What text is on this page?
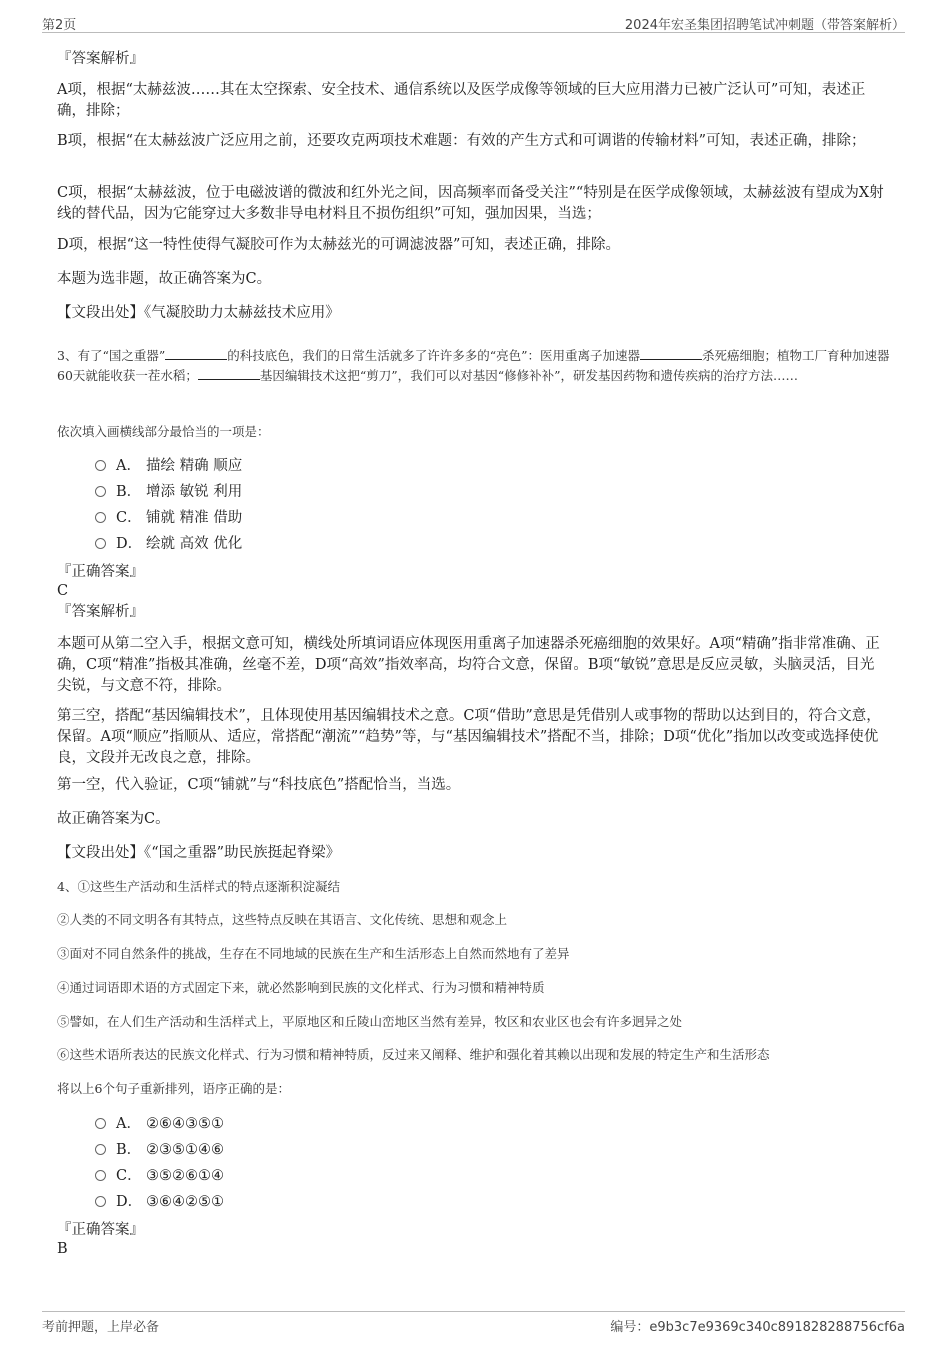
第2页	2024年宏圣集团招聘笔试冲刺题（带答案解析）
『答案解析』
A项，根据“太赫兹波……其在太空探索、安全技术、通信系统以及医学成像等领域的巨大应用潜力已被广泛认可”可知，表述正确，排除；
B项，根据“在太赫兹波广泛应用之前，还要攻克两项技术难题：有效的产生方式和可调谐的传输材料”可知，表述正确，排除；
C项，根据“太赫兹波，位于电磁波谱的微波和红外光之间，因高频率而备受关注”“特别是在医学成像领域，太赫兹波有望成为X射线的替代品，因为它能穿过大多数非导电材料且不损伤组织”可知，强加因果，当选；
D项，根据“这一特性使得气凝胶可作为太赫兹光的可调滤波器”可知，表述正确，排除。
本题为选非题，故正确答案为C。
【文段出处】《气凝胶助力太赫兹技术应用》
3、有了“国之重器”	的科技底色，我们的日常生活就多了许许多多的“亮色”：医用重离子加速器	杀死癌细胞；植物工厂育种加速器60天就能收获一茬水稻；	基因编辑技术这把“剪刀”，我们可以对基因“修修补补”，研发基因药物和遗传疾病的治疗方法……
依次填入画横线部分最恰当的一项是：
A． 描绘 精确 顺应
B． 增添 敏锐 利用
C． 铺就 精准 借助
D． 绘就 高效 优化
『正确答案』
C
『答案解析』
本题可从第二空入手，根据文意可知，横线处所填词语应体现医用重离子加速器杀死癌细胞的效果好。A项“精确”指非常准确、正确，C项“精准”指极其准确，丝毫不差，D项“高效”指效率高，均符合文意，保留。B项“敏锐”意思是反应灵敏，头脑灵活，目光尖锐，与文意不符，排除。
第三空，搭配“基因编辑技术”，且体现使用基因编辑技术之意。C项“借助”意思是凭借别人或事物的帮助以达到目的，符合文意，保留。A项“顺应”指顺从、适应，常搭配“潮流”“趋势”等，与“基因编辑技术”搭配不当，排除；D项“优化”指加以改变或选择使优良，文段并无改良之意，排除。
第一空，代入验证，C项“铺就”与“科技底色”搭配恰当，当选。
故正确答案为C。
【文段出处】《“国之重器”助民族挺起脊梁》
4、①这些生产活动和生活样式的特点逐渐积淀凝结
②人类的不同文明各有其特点，这些特点反映在其语言、文化传统、思想和观念上
③面对不同自然条件的挑战，生存在不同地域的民族在生产和生活形态上自然而然地有了差异
④通过词语即术语的方式固定下来，就必然影响到民族的文化样式、行为习惯和精神特质
⑤譬如，在人们生产活动和生活样式上，平原地区和丘陵山峦地区当然有差异，牧区和农业区也会有许多迥异之处
⑥这些术语所表达的民族文化样式、行为习惯和精神特质，反过来又阐释、维护和强化着其赖以出现和发展的特定生产和生活形态
将以上6个句子重新排列，语序正确的是：
A． ②⑥④③⑤①
B． ②③⑤①④⑥
C． ③⑤②⑥①④
D． ③⑥④②⑤①
『正确答案』
B
考前押题，上岸必备	编号：e9b3c7e9369c340c891828288756cf6a
